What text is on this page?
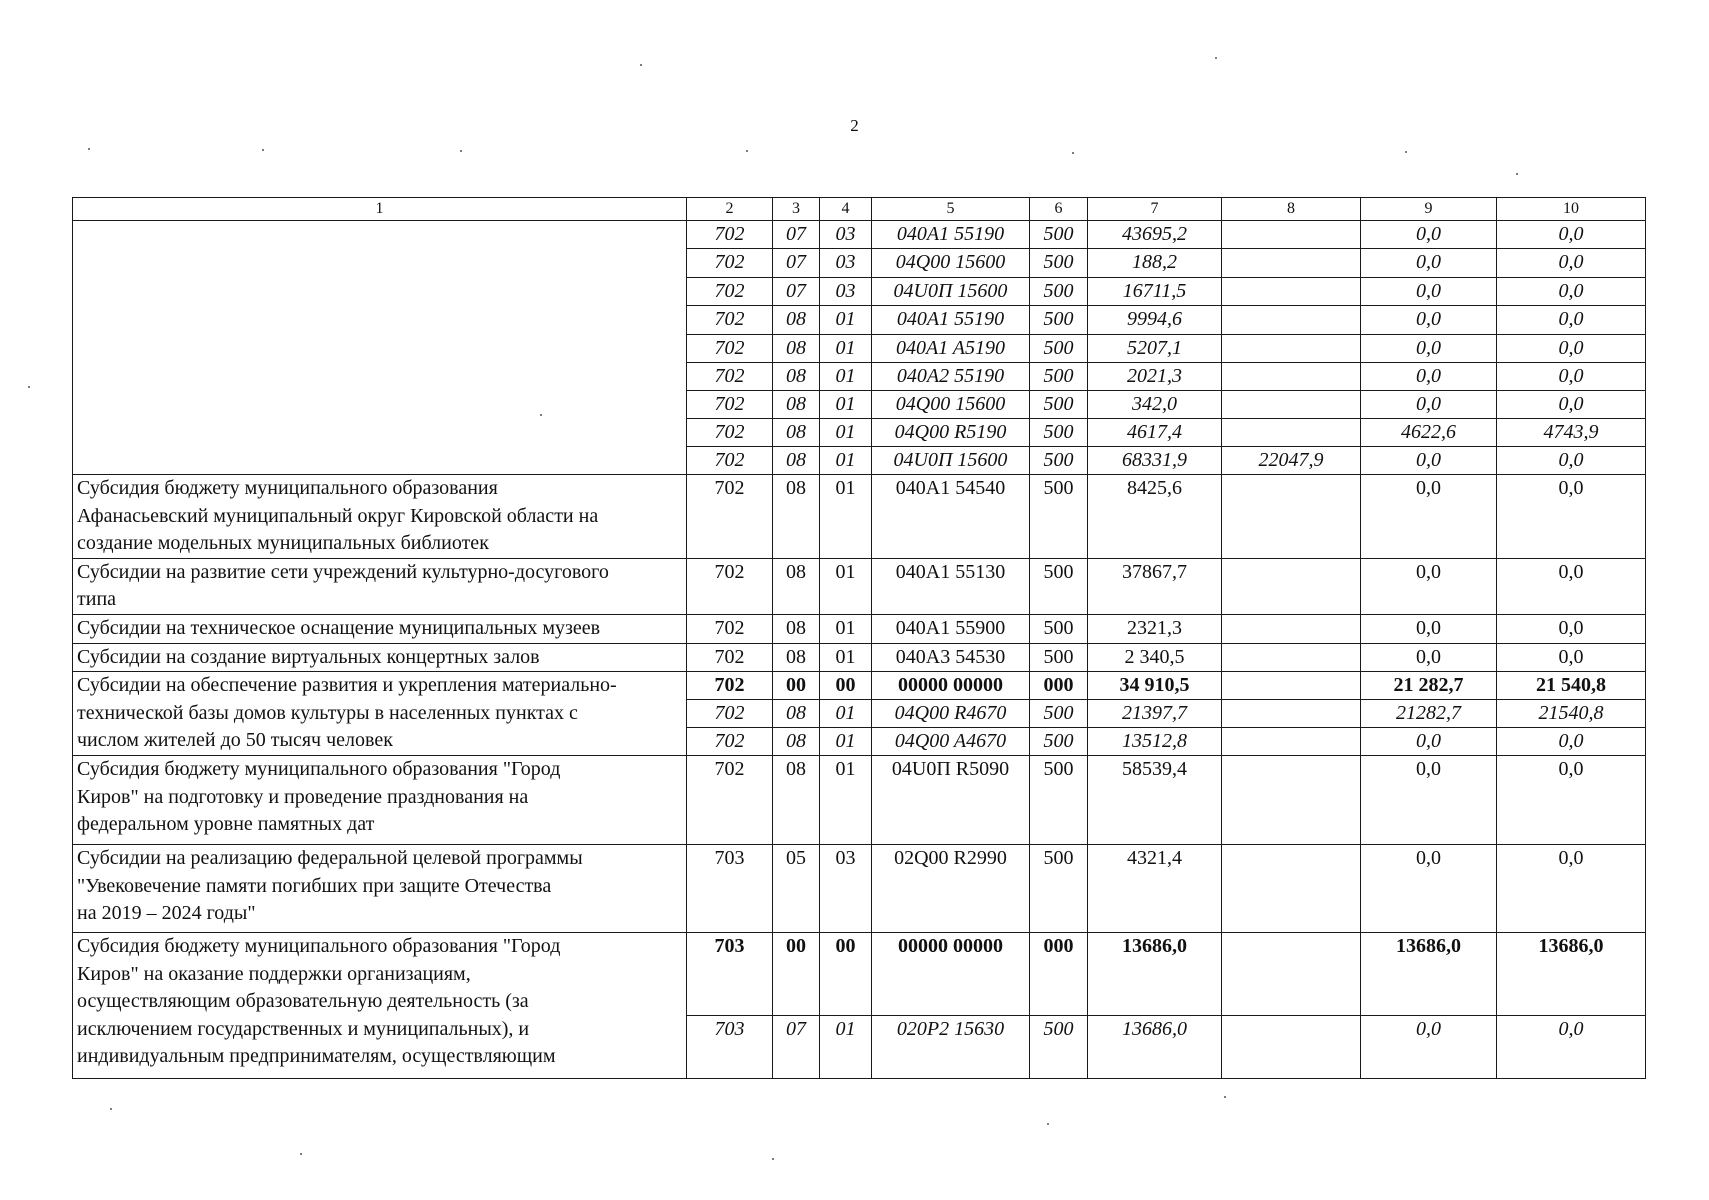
2
1	2	3	4	5	6	7	8	9	10
	702	07	03	040A1 55190	500	43695,2		0,0	0,0
	702	07	03	04Q00 15600	500	188,2		0,0	0,0
	702	07	03	04U0П 15600	500	16711,5		0,0	0,0
	702	08	01	040A1 55190	500	9994,6		0,0	0,0
	702	08	01	040A1 A5190	500	5207,1		0,0	0,0
	702	08	01	040A2 55190	500	2021,3		0,0	0,0
	702	08	01	04Q00 15600	500	342,0		0,0	0,0
	702	08	01	04Q00 R5190	500	4617,4		4622,6	4743,9
	702	08	01	04U0П 15600	500	68331,9	22047,9	0,0	0,0
Субсидия бюджету муниципального образования
Афанасьевский муниципальный округ Кировской области на
создание модельных муниципальных библиотек	702	08	01	040A1 54540	500	8425,6		0,0	0,0
Субсидии на развитие сети учреждений культурно-досугового
типа	702	08	01	040A1 55130	500	37867,7		0,0	0,0
Субсидии на техническое оснащение муниципальных музеев	702	08	01	040A1 55900	500	2321,3		0,0	0,0
Субсидии на создание виртуальных концертных залов	702	08	01	040A3 54530	500	2 340,5		0,0	0,0
Субсидии на обеспечение развития и укрепления материально-
технической базы домов культуры в населенных пунктах с
числом жителей до 50 тысяч человек	702	00	00	00000 00000	000	34 910,5		21 282,7	21 540,8
	702	08	01	04Q00 R4670	500	21397,7		21282,7	21540,8
	702	08	01	04Q00 A4670	500	13512,8		0,0	0,0
Субсидия бюджету муниципального образования "Город
Киров" на подготовку и проведение празднования на
федеральном уровне памятных дат	702	08	01	04U0П R5090	500	58539,4		0,0	0,0
Субсидии на реализацию федеральной целевой программы
"Увековечение памяти погибших при защите Отечества
на 2019 – 2024 годы"	703	05	03	02Q00 R2990	500	4321,4		0,0	0,0
Субсидия бюджету муниципального образования "Город
Киров" на оказание поддержки организациям,
осуществляющим образовательную деятельность (за
исключением государственных и муниципальных), и
индивидуальным предпринимателям, осуществляющим	703	00	00	00000 00000	000	13686,0		13686,0	13686,0
	703	07	01	020P2 15630	500	13686,0		0,0	0,0
